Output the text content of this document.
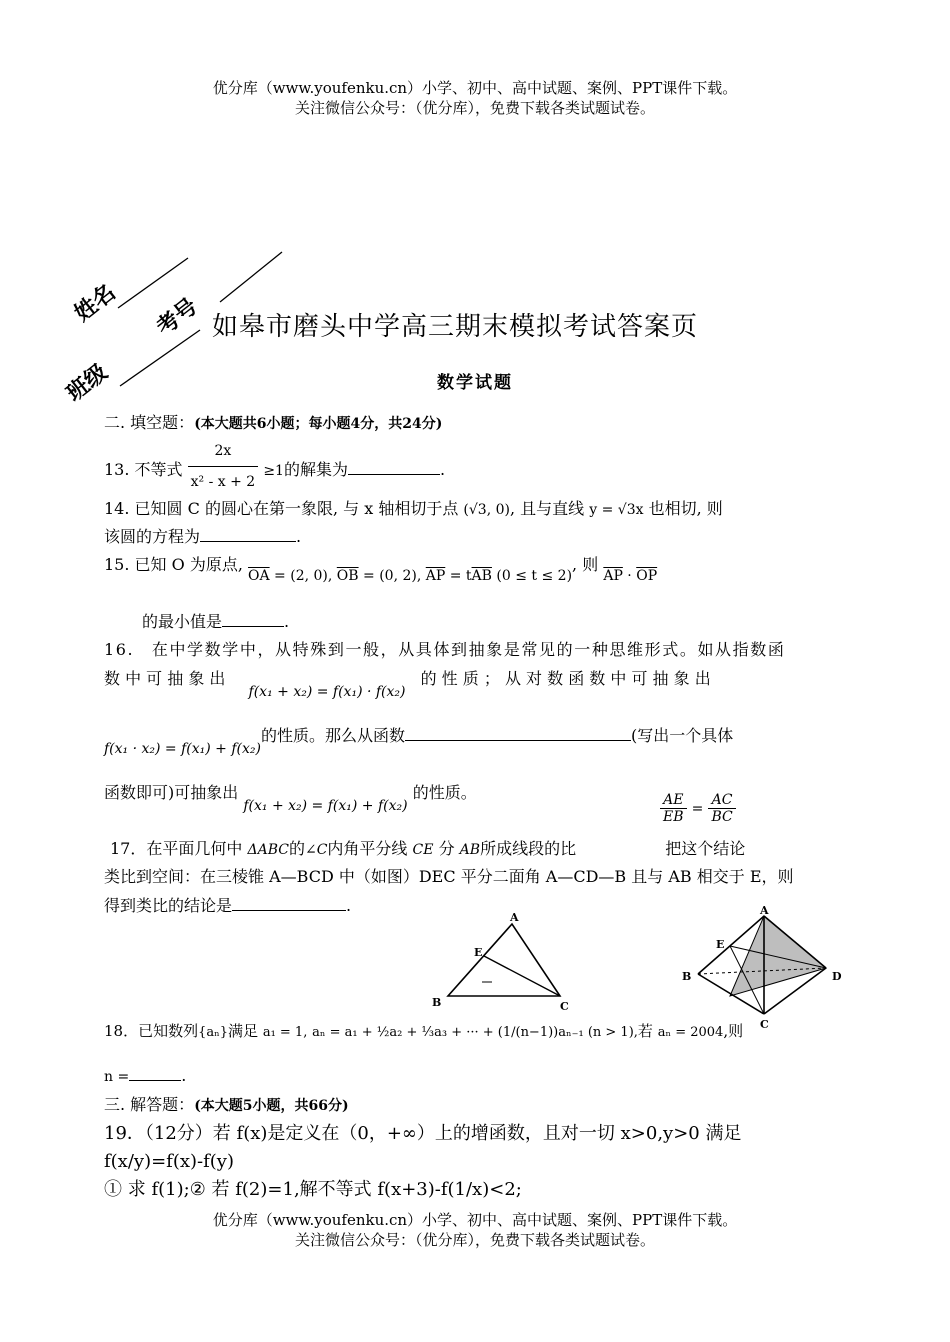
优分库（www.youfenku.cn）小学、初中、高中试题、案例、PPT课件下载。
关注微信公众号：（优分库），免费下载各类试题试卷。
姓名 考号
班级
如皋市磨头中学高三期末模拟考试答案页
数学试题
二. 填空题：(本大题共6小题；每小题4分，共24分)
13. 不等式 $\frac{2x}{\text{x² - x + 2}} \ge 1$的解集为	.
14. 已知圆 C 的圆心在第一象限, 与 x 轴相切于点 (√3, 0), 且与直线 y = √3x 也相切, 则
该圆的方程为	.
15. 已知 O 为原点, $\overline{OA} = (2$, 0), $\overline{OB} = (0$, 2), $\overline{AP} = t\overline{AB}$ (0 ≤ t ≤ 2), 则 $\overline{AP} \cdot \overline{OP}$
的最小值是	.
16.　在中学数学中，从特殊到一般，从具体到抽象是常见的一种思维形式。如从指数函
数 中 可 抽 象 出 f(x₁ + x₂) = f(x₁) · f(x₂) 的 性 质 ； 从 对 数 函 数 中 可 抽 象 出
f(x₁ · x₂) = f(x₁) + f(x₂)的性质。那么从函数	(写出一个具体
函数即可)可抽象出 f(x₁ + x₂) = f(x₁) + f(x₂) 的性质。	$\frac{AE}{EB} = \frac{AC}{BC}$
17．在平面几何中 ΔABC的∠C内角平分线 CE 分 AB所成线段的比	把这个结论
类比到空间：在三棱锥 A—BCD 中（如图）DEC 平分二面角 A—CD—B 且与 AB 相交于 E，则
得到类比的结论是	.
A
E
B	C
A
E
B	D
C
18．已知数列{aₙ}满足 a₁ = 1, aₙ = a₁ + ½a₂ + ⅓a₃ + ··· + (1/(n−1))aₙ₋₁ (n > 1),若 aₙ = 2004,则
n =	.
三. 解答题：(本大题5小题，共66分)
19．（12分）若 f(x)是定义在（0，+∞）上的增函数，且对一切 x>0,y>0 满足
f(x/y)=f(x)-f(y)
① 求 f(1);② 若 f(2)=1,解不等式 f(x+3)-f(1/x)<2;
优分库（www.youfenku.cn）小学、初中、高中试题、案例、PPT课件下载。
关注微信公众号：（优分库），免费下载各类试题试卷。
